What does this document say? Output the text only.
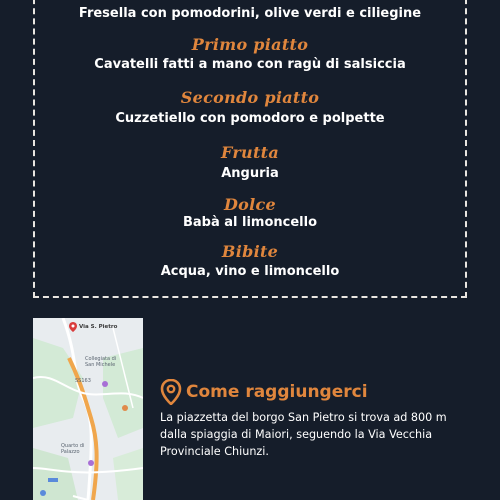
Fresella con pomodorini, olive verdi e ciliegine
Primo piatto
Cavatelli fatti a mano con ragù di salsiccia
Secondo piatto
Cuzzetiello con pomodoro e polpette
Frutta
Anguria
Dolce
Babà al limoncello
Bibite
Acqua, vino e limoncello
Via S. Pietro
Collegiata di San Michele
Quarto di Palazzo
SS163
Come raggiungerci
La piazzetta del borgo San Pietro si trova ad 800 m dalla spiaggia di Maiori, seguendo la Via Vecchia Provinciale Chiunzi.
